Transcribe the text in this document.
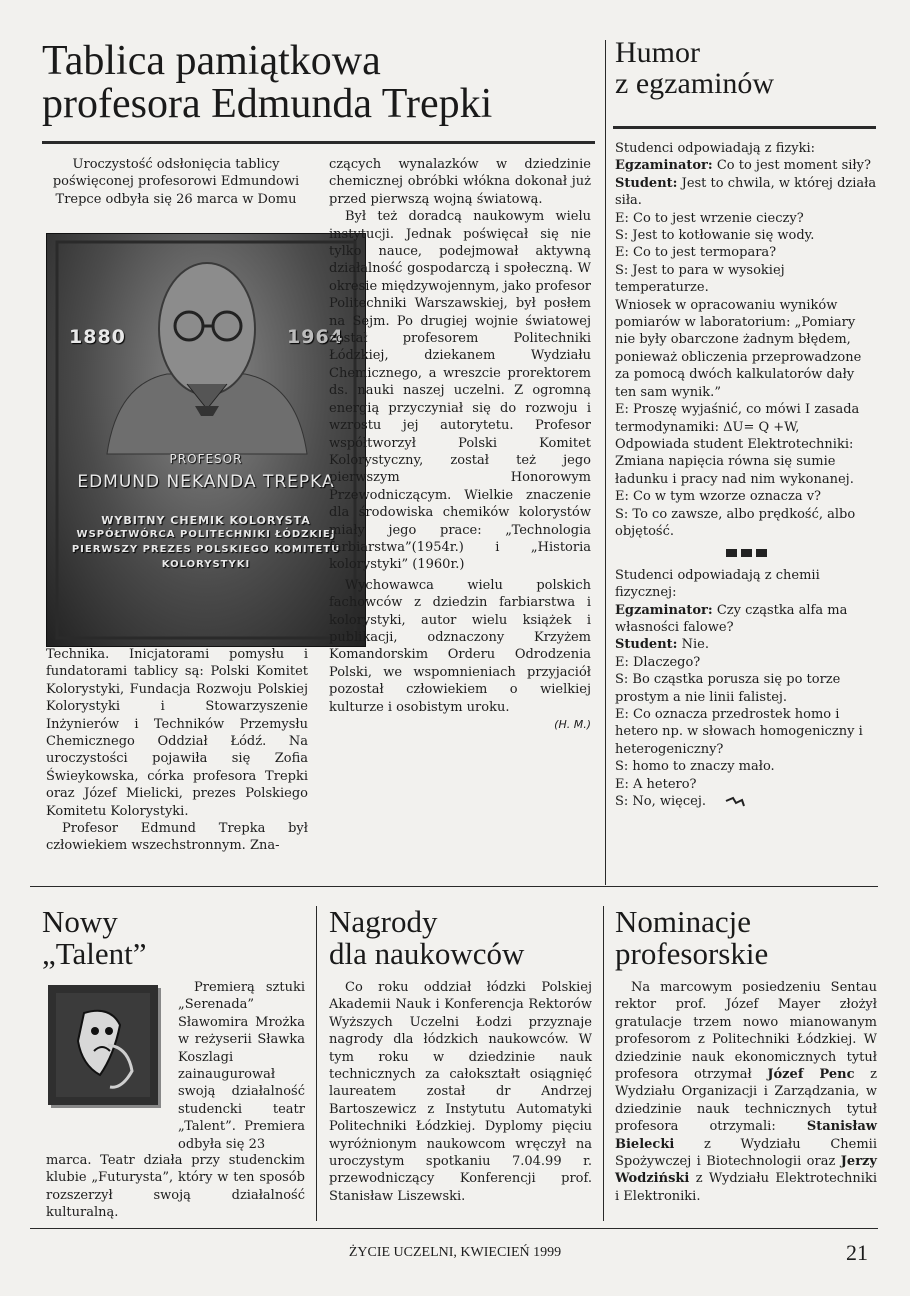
Tablica pamiątkowa
profesora Edmunda Trepki

Uroczystość odsłonięcia tablicy poświęconej profesorowi Edmundowi Trepce odbyła się 26 marca w Domu

1880	1964
PROFESOR
EDMUND NEKANDA TREPKA
WYBITNY CHEMIK KOLORYSTA
WSPÓŁTWÓRCA POLITECHNIKI ŁÓDZKIEJ
PIERWSZY PREZES POLSKIEGO KOMITETU
KOLORYSTYKI

Technika. Inicjatorami pomysłu i fundatorami tablicy są: Polski Komitet Kolorystyki, Fundacja Rozwoju Polskiej Kolorystyki i Stowarzyszenie Inżynierów i Techników Przemysłu Chemicznego Oddział Łódź. Na uroczystości pojawiła się Zofia Świeykowska, córka profesora Trepki oraz Józef Mielicki, prezes Polskiego Komitetu Kolorystyki.

Profesor Edmund Trepka był człowiekiem wszechstronnym. Zna-

czących wynalazków w dziedzinie chemicznej obróbki włókna dokonał już przed pierwszą wojną światową.

Był też doradcą naukowym wielu instytucji. Jednak poświęcał się nie tylko nauce, podejmował aktywną działalność gospodarczą i społeczną. W okresie międzywojennym, jako profesor Politechniki Warszawskiej, był posłem na Sejm. Po drugiej wojnie światowej został profesorem Politechniki Łódzkiej, dziekanem Wydziału Chemicznego, a wreszcie prorektorem ds. nauki naszej uczelni. Z ogromną energią przyczyniał się do rozwoju i wzrostu jej autorytetu. Profesor współtworzył Polski Komitet Kolorystyczny, został też jego pierwszym Honorowym Przewodniczącym. Wielkie znaczenie dla środowiska chemików kolorystów miały jego prace: „Technologia farbiarstwa”(1954r.) i „Historia kolorystyki” (1960r.)

Wychowawca wielu polskich fachowców z dziedzin farbiarstwa i kolorystyki, autor wielu książek i publikacji, odznaczony Krzyżem Komandorskim Orderu Odrodzenia Polski, we wspomnieniach przyjaciół pozostał człowiekiem o wielkiej kulturze i osobistym uroku.

(H. M.)

Humor
z egzaminów

Studenci odpowiadają z fizyki:

Egzaminator: Co to jest moment siły?

Student: Jest to chwila, w której działa siła.

E: Co to jest wrzenie cieczy?

S: Jest to kotłowanie się wody.

E: Co to jest termopara?

S: Jest to para w wysokiej temperaturze.

Wniosek w opracowaniu wyników pomiarów w laboratorium: „Pomiary nie były obarczone żadnym błędem, ponieważ obliczenia przeprowadzone za pomocą dwóch kalkulatorów dały ten sam wynik.”

E: Proszę wyjaśnić, co mówi I zasada termodynamiki: ΔU= Q +W,

Odpowiada student Elektrotechniki: Zmiana napięcia równa się sumie ładunku i pracy nad nim wykonanej.

E: Co w tym wzorze oznacza v?

S: To co zawsze, albo prędkość, albo objętość.

Studenci odpowiadają z chemii fizycznej:

Egzaminator: Czy cząstka alfa ma własności falowe?

Student: Nie.

E: Dlaczego?

S: Bo cząstka porusza się po torze prostym a nie linii falistej.

E: Co oznacza przedrostek homo i hetero np. w słowach homogeniczny i heterogeniczny?

S: homo to znaczy mało.

E: A hetero?

S: No, więcej.

Nowy
„Talent”

Premierą sztuki „Serenada” Sławomira Mrożka w reżyserii Sławka Koszlagi zainaugurował swoją działalność studencki teatr „Talent”. Premiera odbyła się 23

marca. Teatr działa przy studenckim klubie „Futurysta”, który w ten sposób rozszerzył swoją działalność kulturalną.

Nagrody
dla naukowców

Co roku oddział łódzki Polskiej Akademii Nauk i Konferencja Rektorów Wyższych Uczelni Łodzi przyznaje nagrody dla łódzkich naukowców. W tym roku w dziedzinie nauk technicznych za całokształt osiągnięć laureatem został dr Andrzej Bartoszewicz z Instytutu Automatyki Politechniki Łódzkiej. Dyplomy pięciu wyróżnionym naukowcom wręczył na uroczystym spotkaniu 7.04.99 r. przewodniczący Konferencji prof. Stanisław Liszewski.

Nominacje
profesorskie

Na marcowym posiedzeniu Sentau rektor prof. Józef Mayer złożył gratulacje trzem nowo mianowanym profesorom z Politechniki Łódzkiej. W dziedzinie nauk ekonomicznych tytuł profesora otrzymał Józef Penc z Wydziału Organizacji i Zarządzania, w dziedzinie nauk technicznych tytuł profesora otrzymali: Stanisław Bielecki z Wydziału Chemii Spożywczej i Biotechnologii oraz Jerzy Wodziński z Wydziału Elektrotechniki i Elektroniki.

ŻYCIE UCZELNI, KWIECIEŃ 1999	21
